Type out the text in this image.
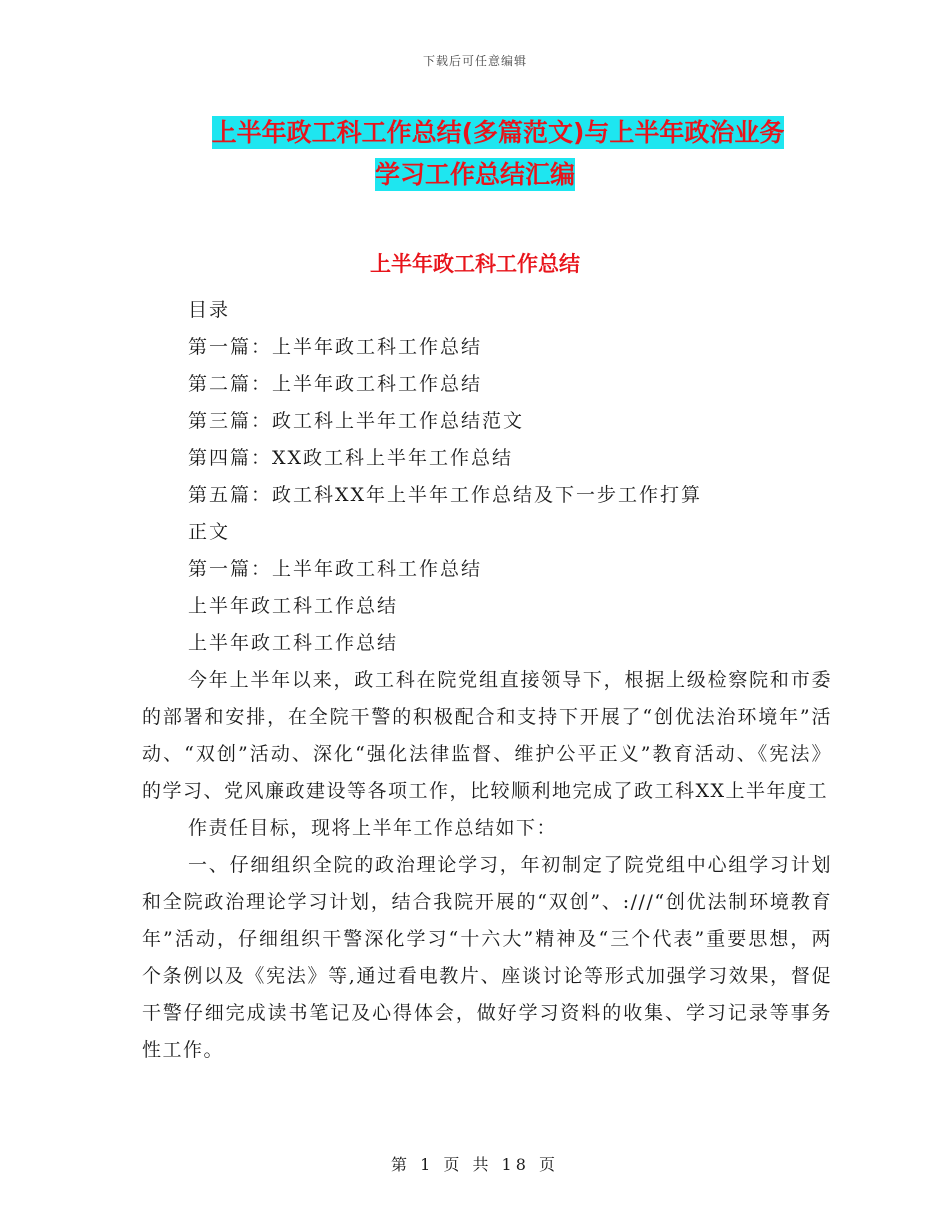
下载后可任意编辑
上半年政工科工作总结(多篇范文)与上半年政治业务
学习工作总结汇编
上半年政工科工作总结
目录
第一篇：上半年政工科工作总结
第二篇：上半年政工科工作总结
第三篇：政工科上半年工作总结范文
第四篇：XX政工科上半年工作总结
第五篇：政工科XX年上半年工作总结及下一步工作打算
正文
第一篇：上半年政工科工作总结
上半年政工科工作总结
上半年政工科工作总结

今年上半年以来，政工科在院党组直接领导下，根据上级检察院和市委的部署和安排，在全院干警的积极配合和支持下开展了“创优法治环境年”活动、“双创”活动、深化“强化法律监督、维护公平正义”教育活动、《宪法》的学习、党风廉政建设等各项工作，比较顺利地完成了政工科XX上半年度工

作责任目标，现将上半年工作总结如下：

一、仔细组织全院的政治理论学习，年初制定了院党组中心组学习计划和全院政治理论学习计划，结合我院开展的“双创”、:///“创优法制环境教育年”活动，仔细组织干警深化学习“十六大”精神及“三个代表”重要思想，两个条例以及《宪法》等,通过看电教片、座谈讨论等形式加强学习效果，督促干警仔细完成读书笔记及心得体会，做好学习资料的收集、学习记录等事务性工作。

第 1 页 共 18 页
